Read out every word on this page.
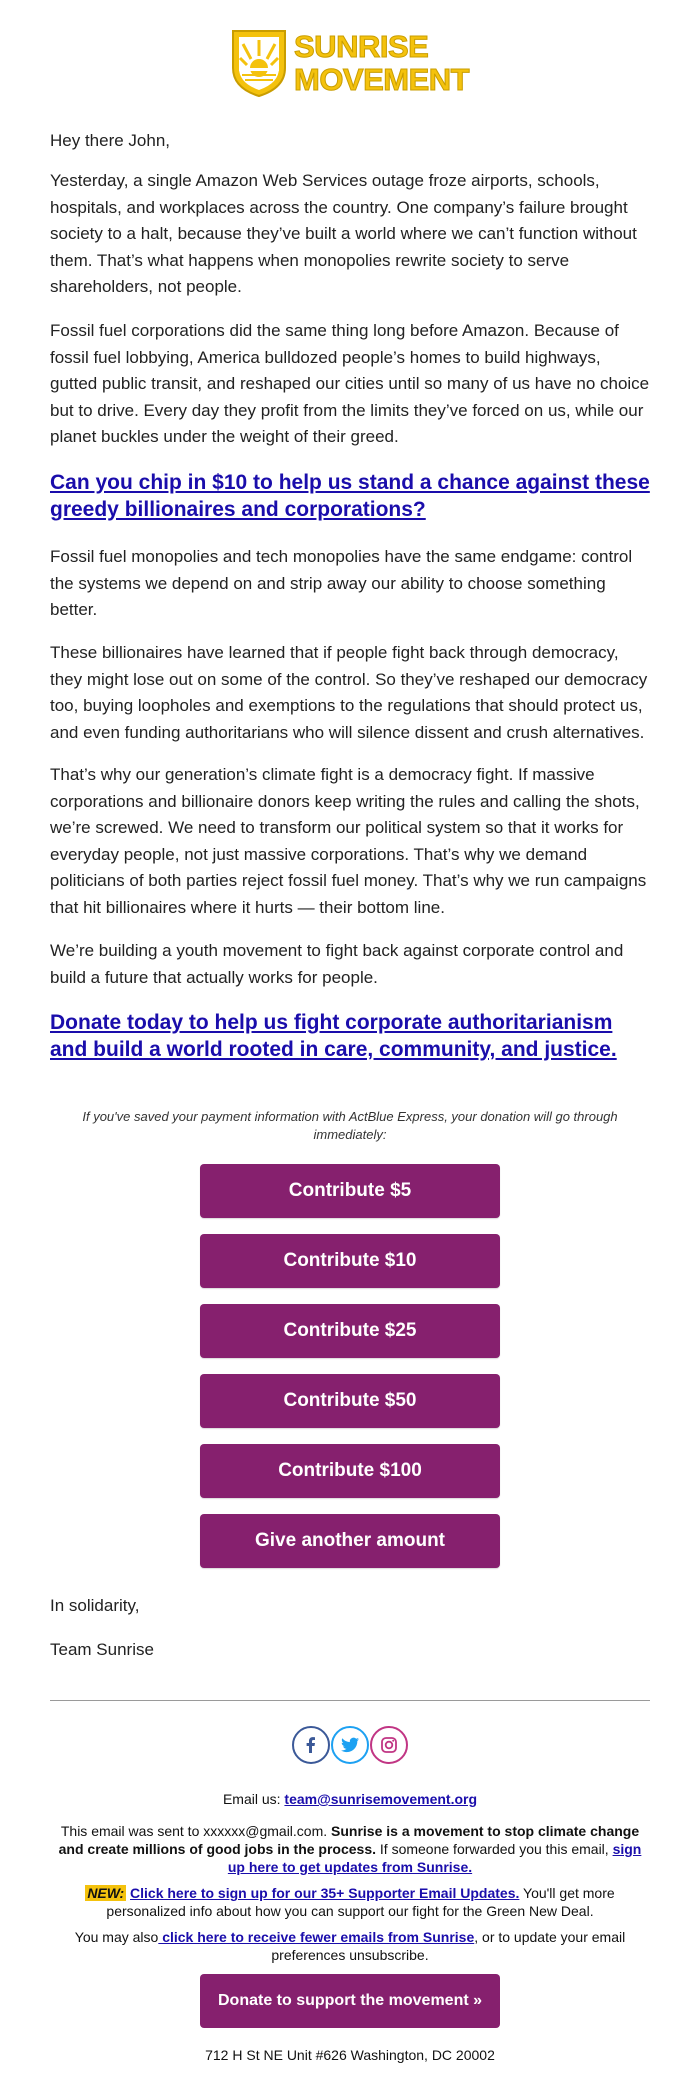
SUNRISE
MOVEMENT
Hey there John,
Yesterday, a single Amazon Web Services outage froze airports, schools, hospitals, and workplaces across the country. One company’s failure brought society to a halt, because they’ve built a world where we can’t function without them. That’s what happens when monopolies rewrite society to serve shareholders, not people.
Fossil fuel corporations did the same thing long before Amazon. Because of fossil fuel lobbying, America bulldozed people’s homes to build highways, gutted public transit, and reshaped our cities until so many of us have no choice but to drive. Every day they profit from the limits they’ve forced on us, while our planet buckles under the weight of their greed.
Can you chip in $10 to help us stand a chance against these greedy billionaires and corporations?
Fossil fuel monopolies and tech monopolies have the same endgame: control the systems we depend on and strip away our ability to choose something better.
These billionaires have learned that if people fight back through democracy, they might lose out on some of the control. So they’ve reshaped our democracy too, buying loopholes and exemptions to the regulations that should protect us, and even funding authoritarians who will silence dissent and crush alternatives.
That’s why our generation’s climate fight is a democracy fight. If massive corporations and billionaire donors keep writing the rules and calling the shots, we’re screwed. We need to transform our political system so that it works for everyday people, not just massive corporations. That’s why we demand politicians of both parties reject fossil fuel money. That’s why we run campaigns that hit billionaires where it hurts — their bottom line.
We’re building a youth movement to fight back against corporate control and build a future that actually works for people.
Donate today to help us fight corporate authoritarianism and build a world rooted in care, community, and justice.
If you've saved your payment information with ActBlue Express, your donation will go through immediately:
Contribute $5
Contribute $10
Contribute $25
Contribute $50
Contribute $100
Give another amount
In solidarity,
Team Sunrise
Email us: team@sunrisemovement.org
This email was sent to xxxxxx@gmail.com. Sunrise is a movement to stop climate change and create millions of good jobs in the process. If someone forwarded you this email, sign up here to get updates from Sunrise.
NEW: Click here to sign up for our 35+ Supporter Email Updates. You'll get more personalized info about how you can support our fight for the Green New Deal.
You may also click here to receive fewer emails from Sunrise, or to update your email preferences unsubscribe.
Donate to support the movement »
712 H St NE Unit #626 Washington, DC 20002
